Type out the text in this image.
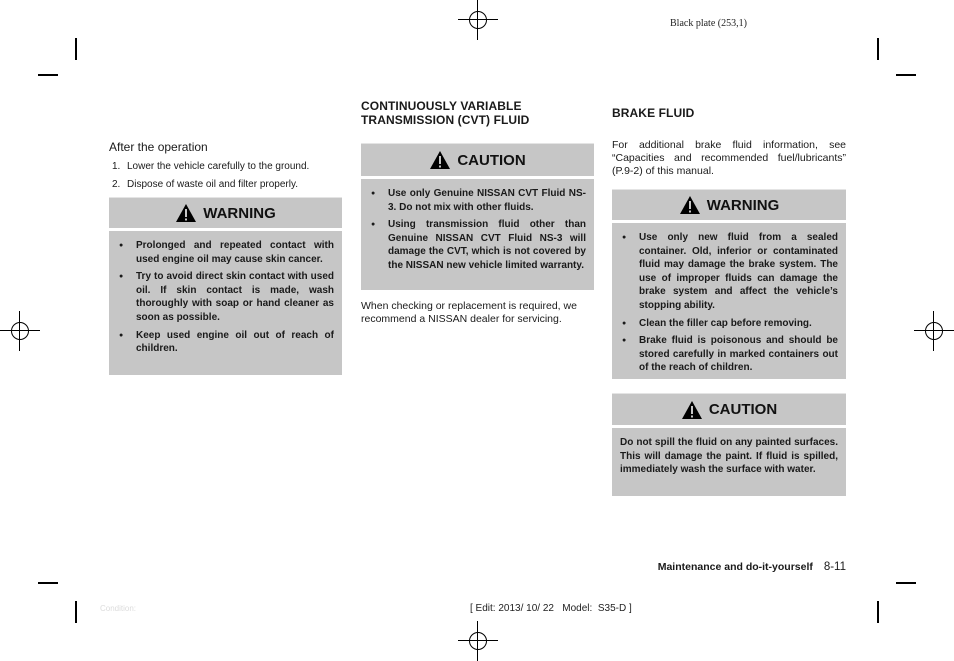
Black plate (253,1)
After the operation
1. Lower the vehicle carefully to the ground.
2. Dispose of waste oil and filter properly.
WARNING
● Prolonged and repeated contact with used engine oil may cause skin cancer.
● Try to avoid direct skin contact with used oil. If skin contact is made, wash thoroughly with soap or hand cleaner as soon as possible.
● Keep used engine oil out of reach of children.
CONTINUOUSLY VARIABLE
TRANSMISSION (CVT) FLUID
CAUTION
● Use only Genuine NISSAN CVT Fluid NS-3. Do not mix with other fluids.
● Using transmission fluid other than Genuine NISSAN CVT Fluid NS-3 will damage the CVT, which is not covered by the NISSAN new vehicle limited warranty.
When checking or replacement is required, we recommend a NISSAN dealer for servicing.
BRAKE FLUID
For additional brake fluid information, see “Capacities and recommended fuel/lubricants” (P.9-2) of this manual.
WARNING
● Use only new fluid from a sealed container. Old, inferior or contaminated fluid may damage the brake system. The use of improper fluids can damage the brake system and affect the vehicle’s stopping ability.
● Clean the filler cap before removing.
● Brake fluid is poisonous and should be stored carefully in marked containers out of the reach of children.
CAUTION

Do not spill the fluid on any painted surfaces. This will damage the paint. If fluid is spilled, immediately wash the surface with water.

Maintenance and do-it-yourself 8-11
Condition:	[ Edit: 2013/ 10/ 22   Model:  S35-D ]
